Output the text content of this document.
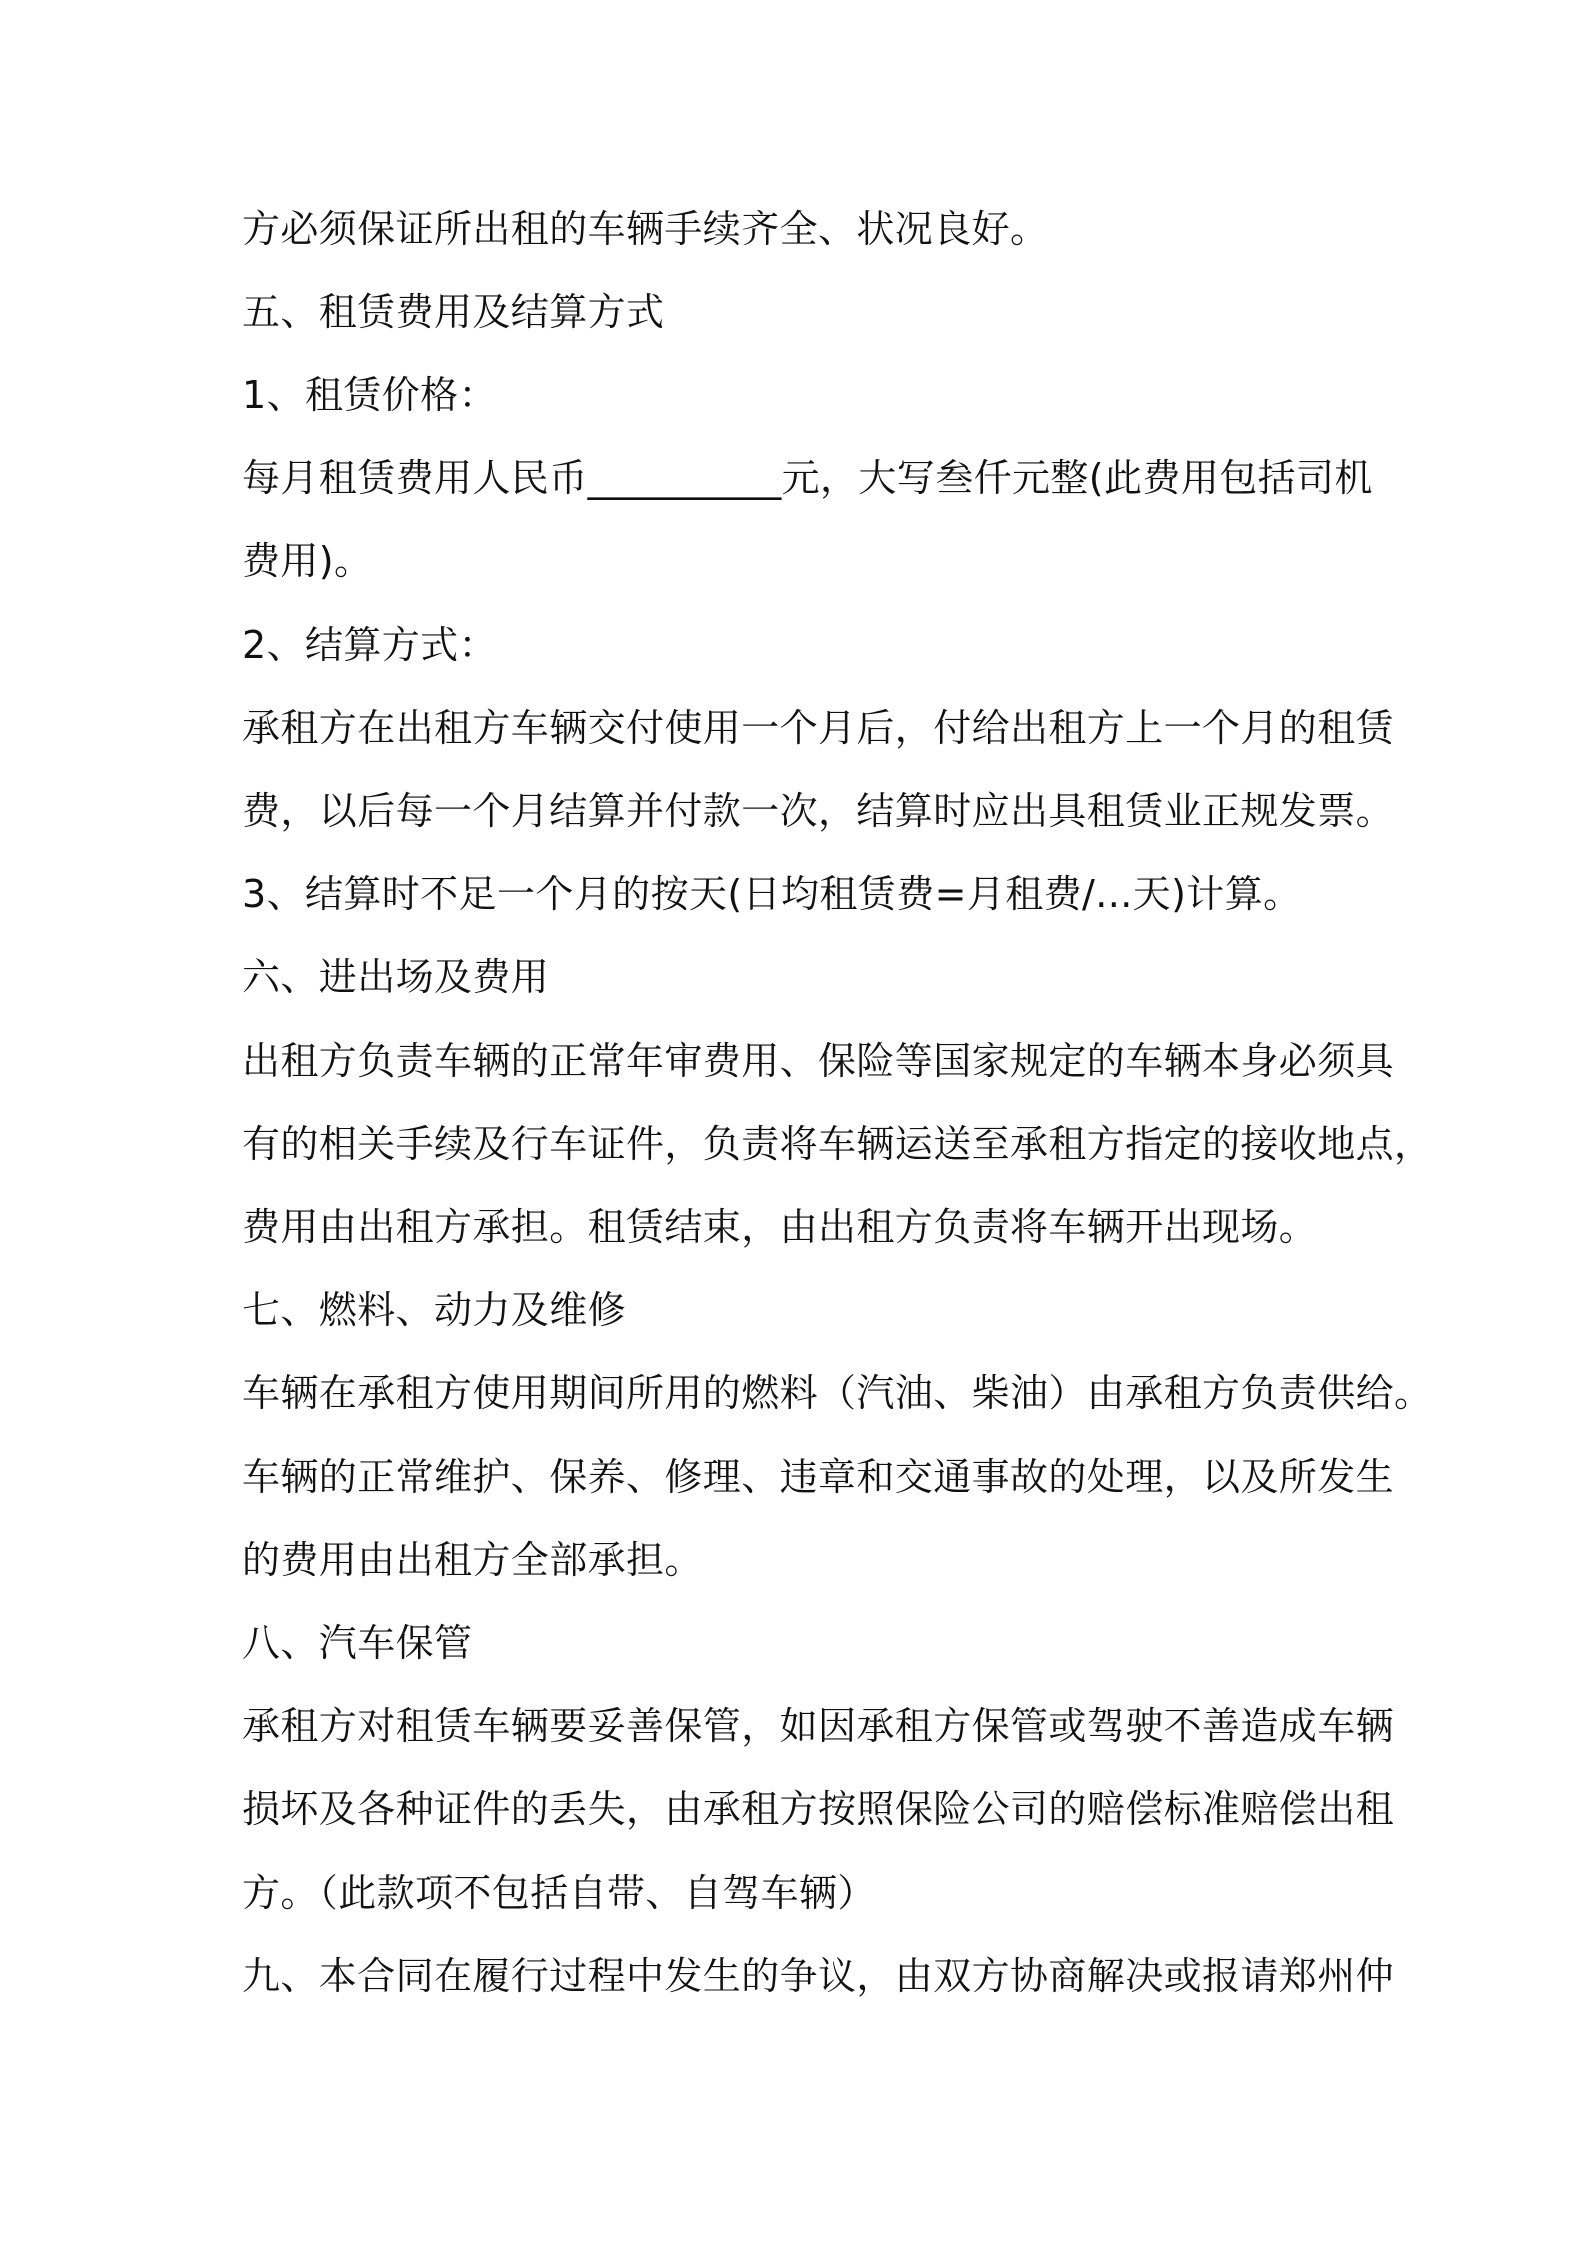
方必须保证所出租的车辆手续齐全、状况良好。

五、租赁费用及结算方式

1、租赁价格：

每月租赁费用人民币__________元，大写叁仟元整(此费用包括司机

费用)。

2、结算方式：

承租方在出租方车辆交付使用一个月后，付给出租方上一个月的租赁

费，以后每一个月结算并付款一次，结算时应出具租赁业正规发票。

3、结算时不足一个月的按天(日均租赁费=月租费/...天)计算。

六、进出场及费用

出租方负责车辆的正常年审费用、保险等国家规定的车辆本身必须具

有的相关手续及行车证件，负责将车辆运送至承租方指定的接收地点，

费用由出租方承担。租赁结束，由出租方负责将车辆开出现场。

七、燃料、动力及维修

车辆在承租方使用期间所用的燃料（汽油、柴油）由承租方负责供给。

车辆的正常维护、保养、修理、违章和交通事故的处理，以及所发生

的费用由出租方全部承担。

八、汽车保管

承租方对租赁车辆要妥善保管，如因承租方保管或驾驶不善造成车辆

损坏及各种证件的丢失，由承租方按照保险公司的赔偿标准赔偿出租

方。（此款项不包括自带、自驾车辆）

九、本合同在履行过程中发生的争议，由双方协商解决或报请郑州仲
